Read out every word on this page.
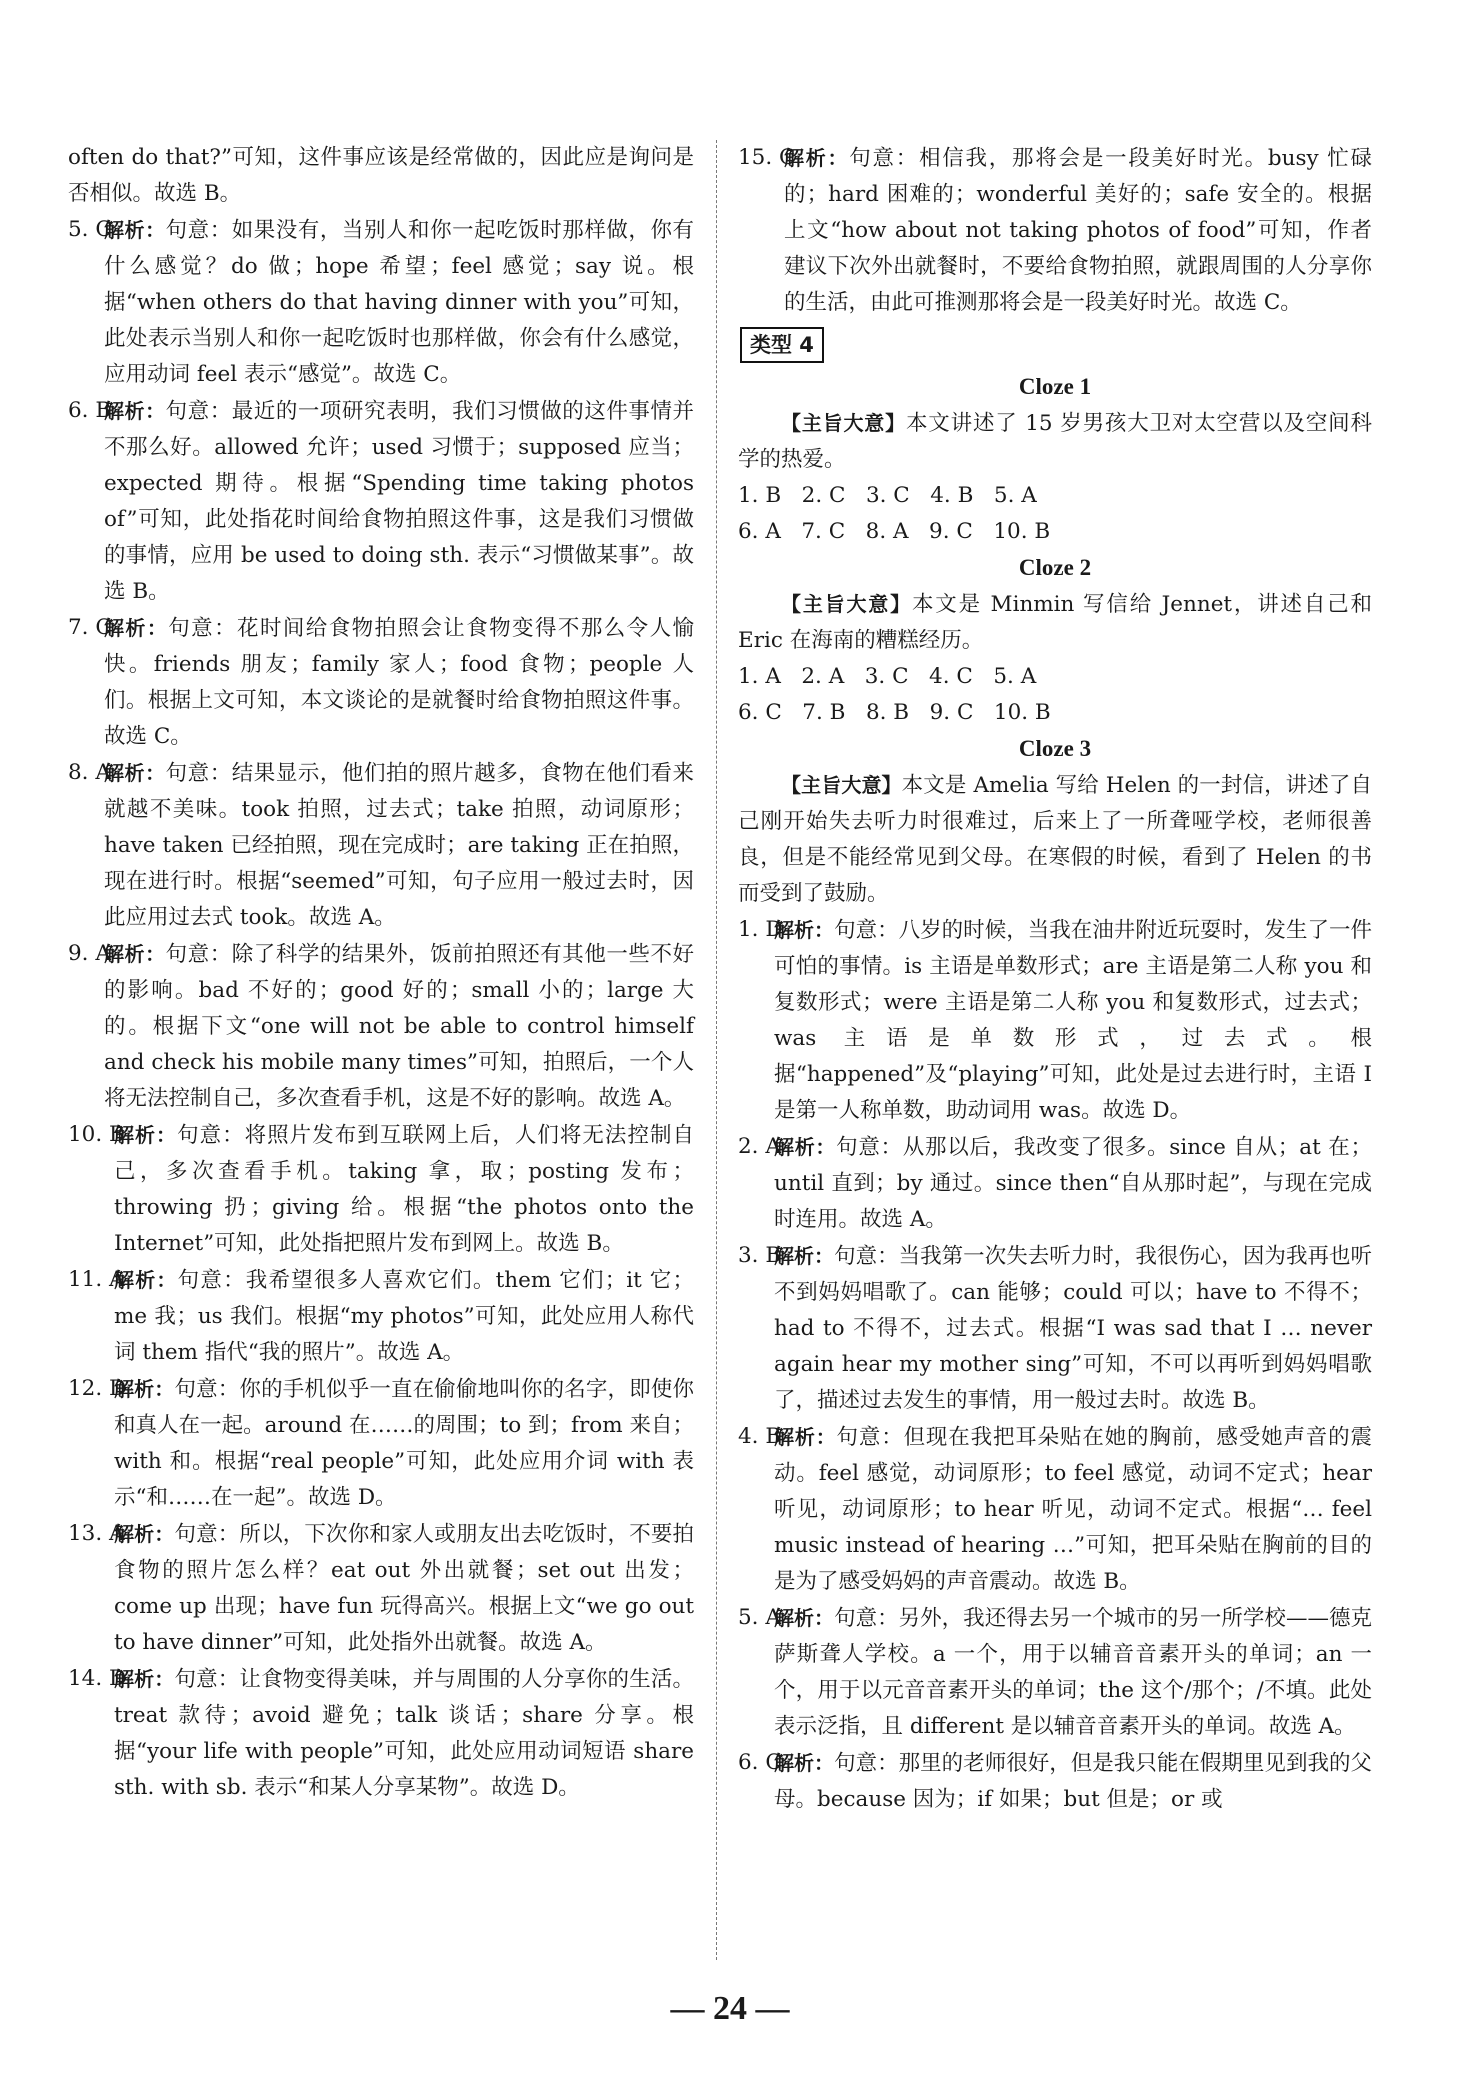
often do that?”可知，这件事应该是经常做的，因此应是询问是否相似。故选 B。

5. C
解析：句意：如果没有，当别人和你一起吃饭时那样做，你有什么感觉？do 做；hope 希望；feel 感觉；say 说。根据“when others do that having dinner with you”可知，此处表示当别人和你一起吃饭时也那样做，你会有什么感觉，应用动词 feel 表示“感觉”。故选 C。

6. B
解析：句意：最近的一项研究表明，我们习惯做的这件事情并不那么好。allowed 允许；used 习惯于；supposed 应当；expected 期待。根据“Spending time taking photos of”可知，此处指花时间给食物拍照这件事，这是我们习惯做的事情，应用 be used to doing sth. 表示“习惯做某事”。故选 B。

7. C
解析：句意：花时间给食物拍照会让食物变得不那么令人愉快。friends 朋友；family 家人；food 食物；people 人们。根据上文可知，本文谈论的是就餐时给食物拍照这件事。故选 C。

8. A
解析：句意：结果显示，他们拍的照片越多，食物在他们看来就越不美味。took 拍照，过去式；take 拍照，动词原形；have taken 已经拍照，现在完成时；are taking 正在拍照，现在进行时。根据“seemed”可知，句子应用一般过去时，因此应用过去式 took。故选 A。

9. A
解析：句意：除了科学的结果外，饭前拍照还有其他一些不好的影响。bad 不好的；good 好的；small 小的；large 大的。根据下文“one will not be able to control himself and check his mobile many times”可知，拍照后，一个人将无法控制自己，多次查看手机，这是不好的影响。故选 A。

10. B
解析：句意：将照片发布到互联网上后，人们将无法控制自己，多次查看手机。taking 拿，取；posting 发布；throwing 扔；giving 给。根据“the photos onto the Internet”可知，此处指把照片发布到网上。故选 B。

11. A
解析：句意：我希望很多人喜欢它们。them 它们；it 它；me 我；us 我们。根据“my photos”可知，此处应用人称代词 them 指代“我的照片”。故选 A。

12. D
解析：句意：你的手机似乎一直在偷偷地叫你的名字，即使你和真人在一起。around 在……的周围；to 到；from 来自；with 和。根据“real people”可知，此处应用介词 with 表示“和……在一起”。故选 D。

13. A
解析：句意：所以，下次你和家人或朋友出去吃饭时，不要拍食物的照片怎么样？eat out 外出就餐；set out 出发；come up 出现；have fun 玩得高兴。根据上文“we go out to have dinner”可知，此处指外出就餐。故选 A。

14. D
解析：句意：让食物变得美味，并与周围的人分享你的生活。treat 款待；avoid 避免；talk 谈话；share 分享。根据“your life with people”可知，此处应用动词短语 share sth. with sb. 表示“和某人分享某物”。故选 D。

15. C
解析：句意：相信我，那将会是一段美好时光。busy 忙碌的；hard 困难的；wonderful 美好的；safe 安全的。根据上文“how about not taking photos of food”可知，作者建议下次外出就餐时，不要给食物拍照，就跟周围的人分享你的生活，由此可推测那将会是一段美好时光。故选 C。

类型 4

Cloze 1

【主旨大意】本文讲述了 15 岁男孩大卫对太空营以及空间科学的热爱。

1. B   2. C   3. C   4. B   5. A

6. A   7. C   8. A   9. C   10. B

Cloze 2

【主旨大意】本文是 Minmin 写信给 Jennet，讲述自己和 Eric 在海南的糟糕经历。

1. A   2. A   3. C   4. C   5. A

6. C   7. B   8. B   9. C   10. B

Cloze 3

【主旨大意】本文是 Amelia 写给 Helen 的一封信，讲述了自己刚开始失去听力时很难过，后来上了一所聋哑学校，老师很善良，但是不能经常见到父母。在寒假的时候，看到了 Helen 的书而受到了鼓励。

1. D
解析：句意：八岁的时候，当我在油井附近玩耍时，发生了一件可怕的事情。is 主语是单数形式；are 主语是第二人称 you 和复数形式；were 主语是第二人称 you 和复数形式，过去式；was 主语是单数形式，过去式。根据“happened”及“playing”可知，此处是过去进行时，主语 I 是第一人称单数，助动词用 was。故选 D。

2. A
解析：句意：从那以后，我改变了很多。since 自从；at 在；until 直到；by 通过。since then“自从那时起”，与现在完成时连用。故选 A。

3. B
解析：句意：当我第一次失去听力时，我很伤心，因为我再也听不到妈妈唱歌了。can 能够；could 可以；have to 不得不；had to 不得不，过去式。根据“I was sad that I … never again hear my mother sing”可知，不可以再听到妈妈唱歌了，描述过去发生的事情，用一般过去时。故选 B。

4. B
解析：句意：但现在我把耳朵贴在她的胸前，感受她声音的震动。feel 感觉，动词原形；to feel 感觉，动词不定式；hear 听见，动词原形；to hear 听见，动词不定式。根据“… feel music instead of hearing …”可知，把耳朵贴在胸前的目的是为了感受妈妈的声音震动。故选 B。

5. A
解析：句意：另外，我还得去另一个城市的另一所学校——德克萨斯聋人学校。a 一个，用于以辅音音素开头的单词；an 一个，用于以元音音素开头的单词；the 这个/那个；/不填。此处表示泛指，且 different 是以辅音音素开头的单词。故选 A。

6. C
解析：句意：那里的老师很好，但是我只能在假期里见到我的父母。because 因为；if 如果；but 但是；or 或

— 24 —
